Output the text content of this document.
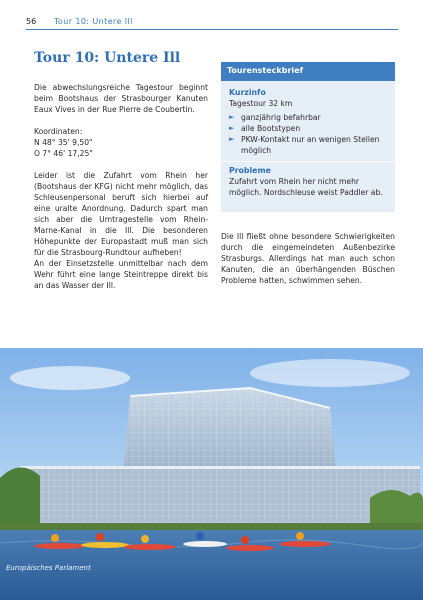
56 Tour 10: Untere Ill
Tour 10: Untere Ill

Die abwechslungsreiche Tagestour beginnt beim Bootshaus der Strasbourger Kanuten Eaux Vives in der Rue Pierre de Coubertin.

Koordinaten:
N 48° 35' 9,50"
O 7° 46' 17,25"

Leider ist die Zufahrt vom Rhein her (Bootshaus der KFG) nicht mehr möglich, das Schleusenpersonal beruft sich hierbei auf eine uralte Anordnung. Dadurch spart man sich aber die Umtragestelle vom Rhein-Marne-Kanal in die Ill. Die besonderen Höhepunkte der Europastadt muß man sich für die Strasbourg-Rundtour aufheben!

An der Einsetzstelle unmittelbar nach dem Wehr führt eine lange Steintreppe direkt bis an das Wasser der Ill.

Tourensteckbrief
Kurzinfo
Tagestour 32 km
► ganzjährig befahrbar
► alle Bootstypen
► PKW-Kontakt nur an wenigen Stellen möglich
Probleme
Zufahrt vom Rhein her nicht mehr möglich. Nordschleuse weist Paddler ab.
Die Ill fließt ohne besondere Schwierigkeiten durch die eingemeindeten Außenbezirke Strasburgs. Allerdings hat man auch schon Kanuten, die an überhängenden Büschen Probleme hatten, schwimmen sehen.
Europäisches Parlament
